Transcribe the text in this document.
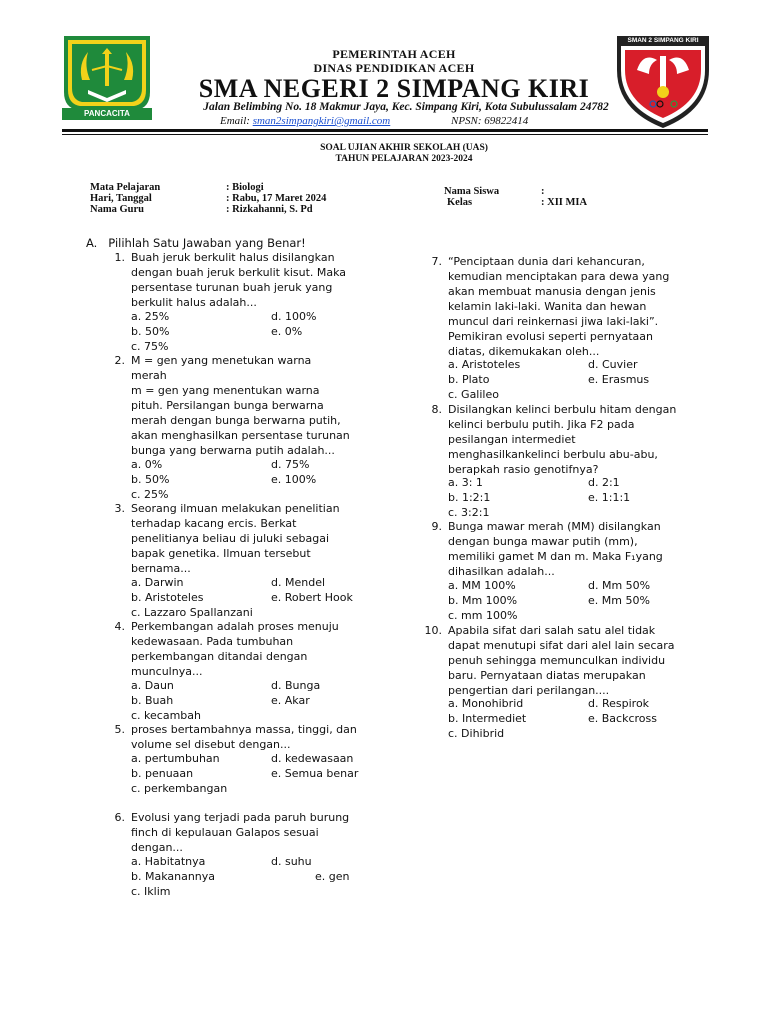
PANCACITA
SMAN 2 SIMPANG KIRI
PEMERINTAH ACEH
DINAS PENDIDIKAN ACEH
SMA NEGERI 2 SIMPANG KIRI
Jalan Belimbing No. 18 Makmur Jaya, Kec. Simpang Kiri, Kota Subulussalam 24782
Email: sman2simpangkiri@gmail.com	NPSN: 69822414
SOAL UJIAN AKHIR SEKOLAH (UAS)
TAHUN PELAJARAN 2023-2024
Mata Pelajaran	: Biologi
Hari, Tanggal	: Rabu, 17 Maret 2024
Nama Guru	: Rizkahanni, S. Pd
Nama Siswa	:
Kelas	: XII MIA
A.   Pilihlah Satu Jawaban yang Benar!
1. Buah jeruk berkulit halus disilangkan
dengan buah jeruk berkulit kisut. Maka
persentase turunan buah jeruk yang
berkulit halus adalah...
a. 25%	d. 100%
b. 50%	e. 0%
c. 75%
2. M = gen yang menetukan warna
merah
m = gen yang menentukan warna
pituh. Persilangan bunga berwarna
merah dengan bunga berwarna putih,
akan menghasilkan persentase turunan
bunga yang berwarna putih adalah...
a. 0%	d. 75%
b. 50%	e. 100%
c. 25%
3. Seorang ilmuan melakukan penelitian
terhadap kacang ercis. Berkat
penelitianya beliau di juluki sebagai
bapak genetika. Ilmuan tersebut
bernama...
a. Darwin	d. Mendel
b. Aristoteles	e. Robert Hook
c. Lazzaro Spallanzani
4. Perkembangan adalah proses menuju
kedewasaan. Pada tumbuhan
perkembangan ditandai dengan
munculnya...
a. Daun	d. Bunga
b. Buah	e. Akar
c. kecambah
5. proses bertambahnya massa, tinggi, dan
volume sel disebut dengan...
a. pertumbuhan	d. kedewasaan
b. penuaan	e. Semua benar
c. perkembangan
6. Evolusi yang terjadi pada paruh burung
finch di kepulauan Galapos sesuai
dengan...
a. Habitatnya	d. suhu
b. Makanannya	e. gen
c. Iklim
7. “Penciptaan dunia dari kehancuran,
kemudian menciptakan para dewa yang
akan membuat manusia dengan jenis
kelamin laki-laki. Wanita dan hewan
muncul dari reinkernasi jiwa laki-laki”.
Pemikiran evolusi seperti pernyataan
diatas, dikemukakan oleh...
a. Aristoteles	d. Cuvier
b. Plato	e. Erasmus
c. Galileo
8. Disilangkan kelinci berbulu hitam dengan
kelinci berbulu putih. Jika F2 pada
pesilangan intermediet
menghasilkankelinci berbulu abu-abu,
berapkah rasio genotifnya?
a. 3: 1	d. 2:1
b. 1:2:1	e. 1:1:1
c. 3:2:1
9. Bunga mawar merah (MM) disilangkan
dengan bunga mawar putih (mm),
memiliki gamet M dan m. Maka F₁yang
dihasilkan adalah...
a. MM 100%	d. Mm 50%
b. Mm 100%	e. Mm 50%
c. mm 100%
10. Apabila sifat dari salah satu alel tidak
dapat menutupi sifat dari alel lain secara
penuh sehingga memunculkan individu
baru. Pernyataan diatas merupakan
pengertian dari perilangan....
a. Monohibrid	d. Respirok
b. Intermediet	e. Backcross
c. Dihibrid
